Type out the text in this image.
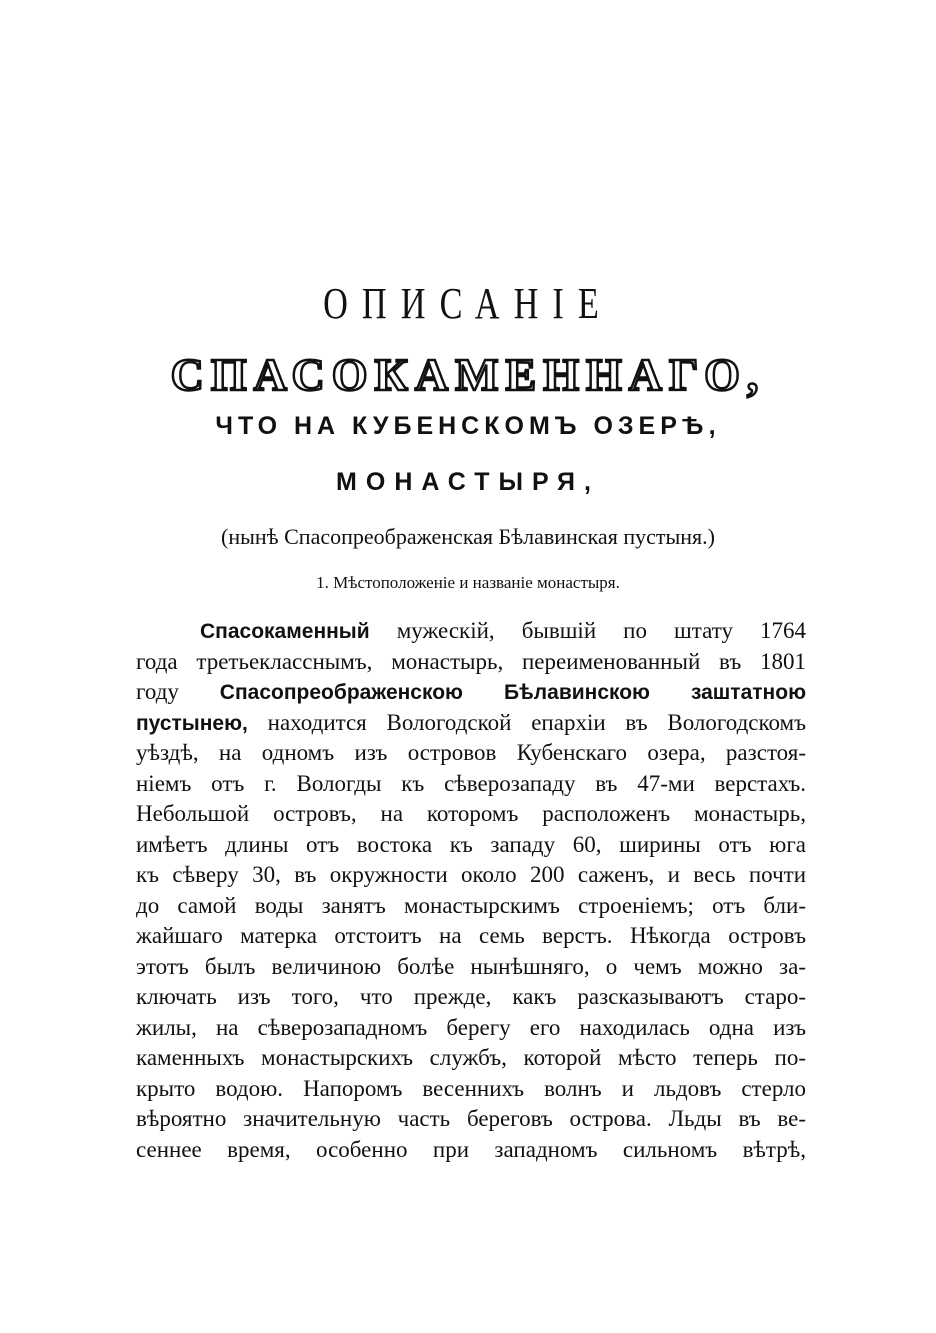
ОПИСАНІЕ
СПАСОКАМЕННАГО,
ЧТО НА КУБЕНСКОМЪ ОЗЕРѢ,
МОНАСТЫРЯ,
(нынѣ Спасопреображенская Бѣлавинская пустыня.)
1. Мѣстоположеніе и названіе монастыря.
Спасокаменный мужескій, бывшій по штату 1764
года третьекласснымъ, монастырь, переименованный въ 1801
году Спасопреображенскою Бѣлавинскою заштатною
пустынею, находится Вологодской епархіи въ Вологодскомъ
уѣздѣ, на одномъ изъ островов Кубенскаго озера, разстоя-
ніемъ отъ г. Вологды къ сѣверозападу въ 47-ми верстахъ.
Небольшой островъ, на которомъ расположенъ монастырь,
имѣетъ длины отъ востока къ западу 60, ширины отъ юга
къ сѣверу 30, въ окружности около 200 саженъ, и весь почти
до самой воды занятъ монастырскимъ строеніемъ; отъ бли-
жайшаго матерка отстоитъ на семь верстъ. Нѣкогда островъ
этотъ былъ величиною болѣе нынѣшняго, о чемъ можно за-
ключать изъ того, что прежде, какъ разсказываютъ старо-
жилы, на сѣверозападномъ берегу его находилась одна изъ
каменныхъ монастырскихъ службъ, которой мѣсто теперь по-
крыто водою. Напоромъ весеннихъ волнъ и льдовъ стерло
вѣроятно значительную часть береговъ острова. Льды въ ве-
сеннее время, особенно при западномъ сильномъ вѣтрѣ,
